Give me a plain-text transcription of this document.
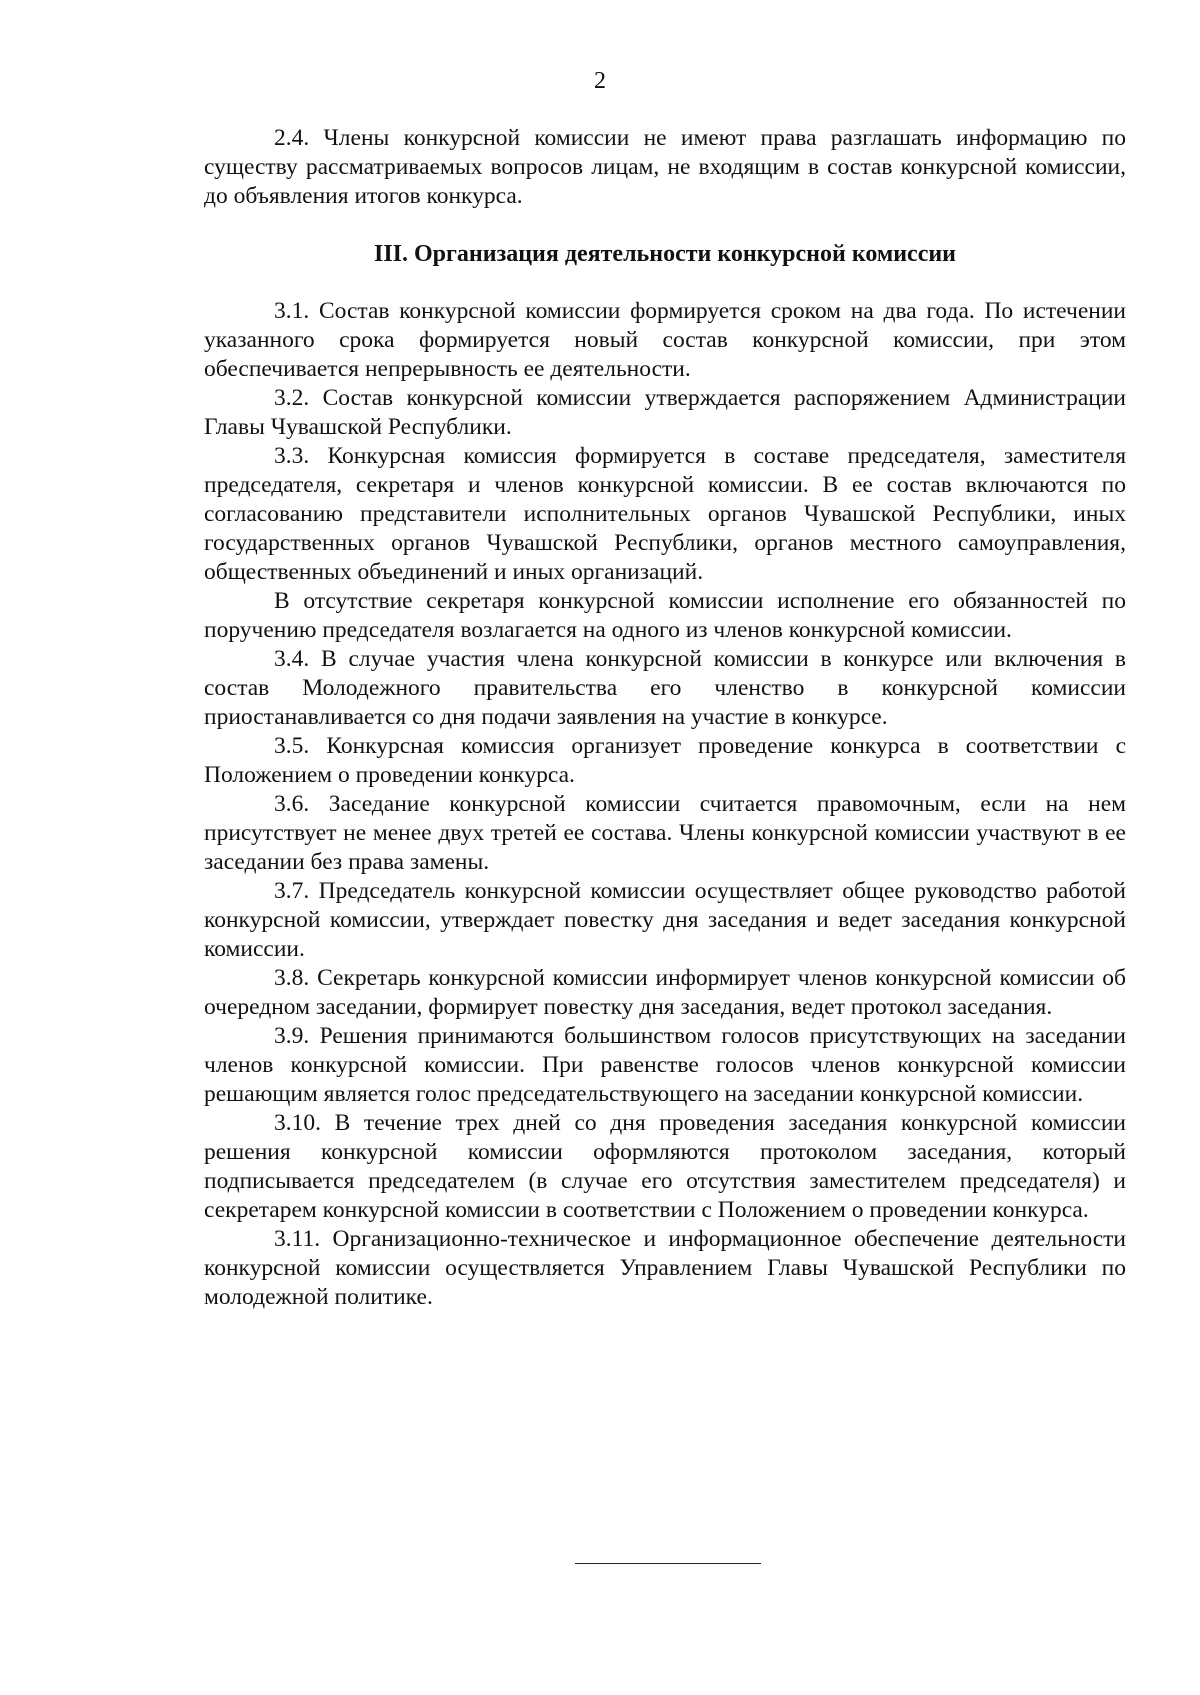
2

2.4. Члены конкурсной комиссии не имеют права разглашать информацию по существу рассматриваемых вопросов лицам, не входящим в состав конкурсной комиссии, до объявления итогов конкурса.

III. Организация деятельности конкурсной комиссии

3.1. Состав конкурсной комиссии формируется сроком на два года. По истечении указанного срока формируется новый состав конкурсной комиссии, при этом обеспечивается непрерывность ее деятельности.

3.2. Состав конкурсной комиссии утверждается распоряжением Администрации Главы Чувашской Республики.

3.3. Конкурсная комиссия формируется в составе председателя, заместителя председателя, секретаря и членов конкурсной комиссии. В ее состав включаются по согласованию представители исполнительных органов Чувашской Республики, иных государственных органов Чувашской Республики, органов местного самоуправления, общественных объединений и иных организаций.

В отсутствие секретаря конкурсной комиссии исполнение его обязанностей по поручению председателя возлагается на одного из членов конкурсной комиссии.

3.4. В случае участия члена конкурсной комиссии в конкурсе или включения в состав Молодежного правительства его членство в конкурсной комиссии приостанавливается со дня подачи заявления на участие в конкурсе.

3.5. Конкурсная комиссия организует проведение конкурса в соответствии с Положением о проведении конкурса.

3.6. Заседание конкурсной комиссии считается правомочным, если на нем присутствует не менее двух третей ее состава. Члены конкурсной комиссии участвуют в ее заседании без права замены.

3.7. Председатель конкурсной комиссии осуществляет общее руководство работой конкурсной комиссии, утверждает повестку дня заседания и ведет заседания конкурсной комиссии.

3.8. Секретарь конкурсной комиссии информирует членов конкурсной комиссии об очередном заседании, формирует повестку дня заседания, ведет протокол заседания.

3.9. Решения принимаются большинством голосов присутствующих на заседании членов конкурсной комиссии. При равенстве голосов членов конкурсной комиссии решающим является голос председательствующего на заседании конкурсной комиссии.

3.10. В течение трех дней со дня проведения заседания конкурсной комиссии решения конкурсной комиссии оформляются протоколом заседания, который подписывается председателем (в случае его отсутствия заместителем председателя) и секретарем конкурсной комиссии в соответствии с Положением о проведении конкурса.

3.11. Организационно-техническое и информационное обеспечение деятельности конкурсной комиссии осуществляется Управлением Главы Чувашской Республики по молодежной политике.
